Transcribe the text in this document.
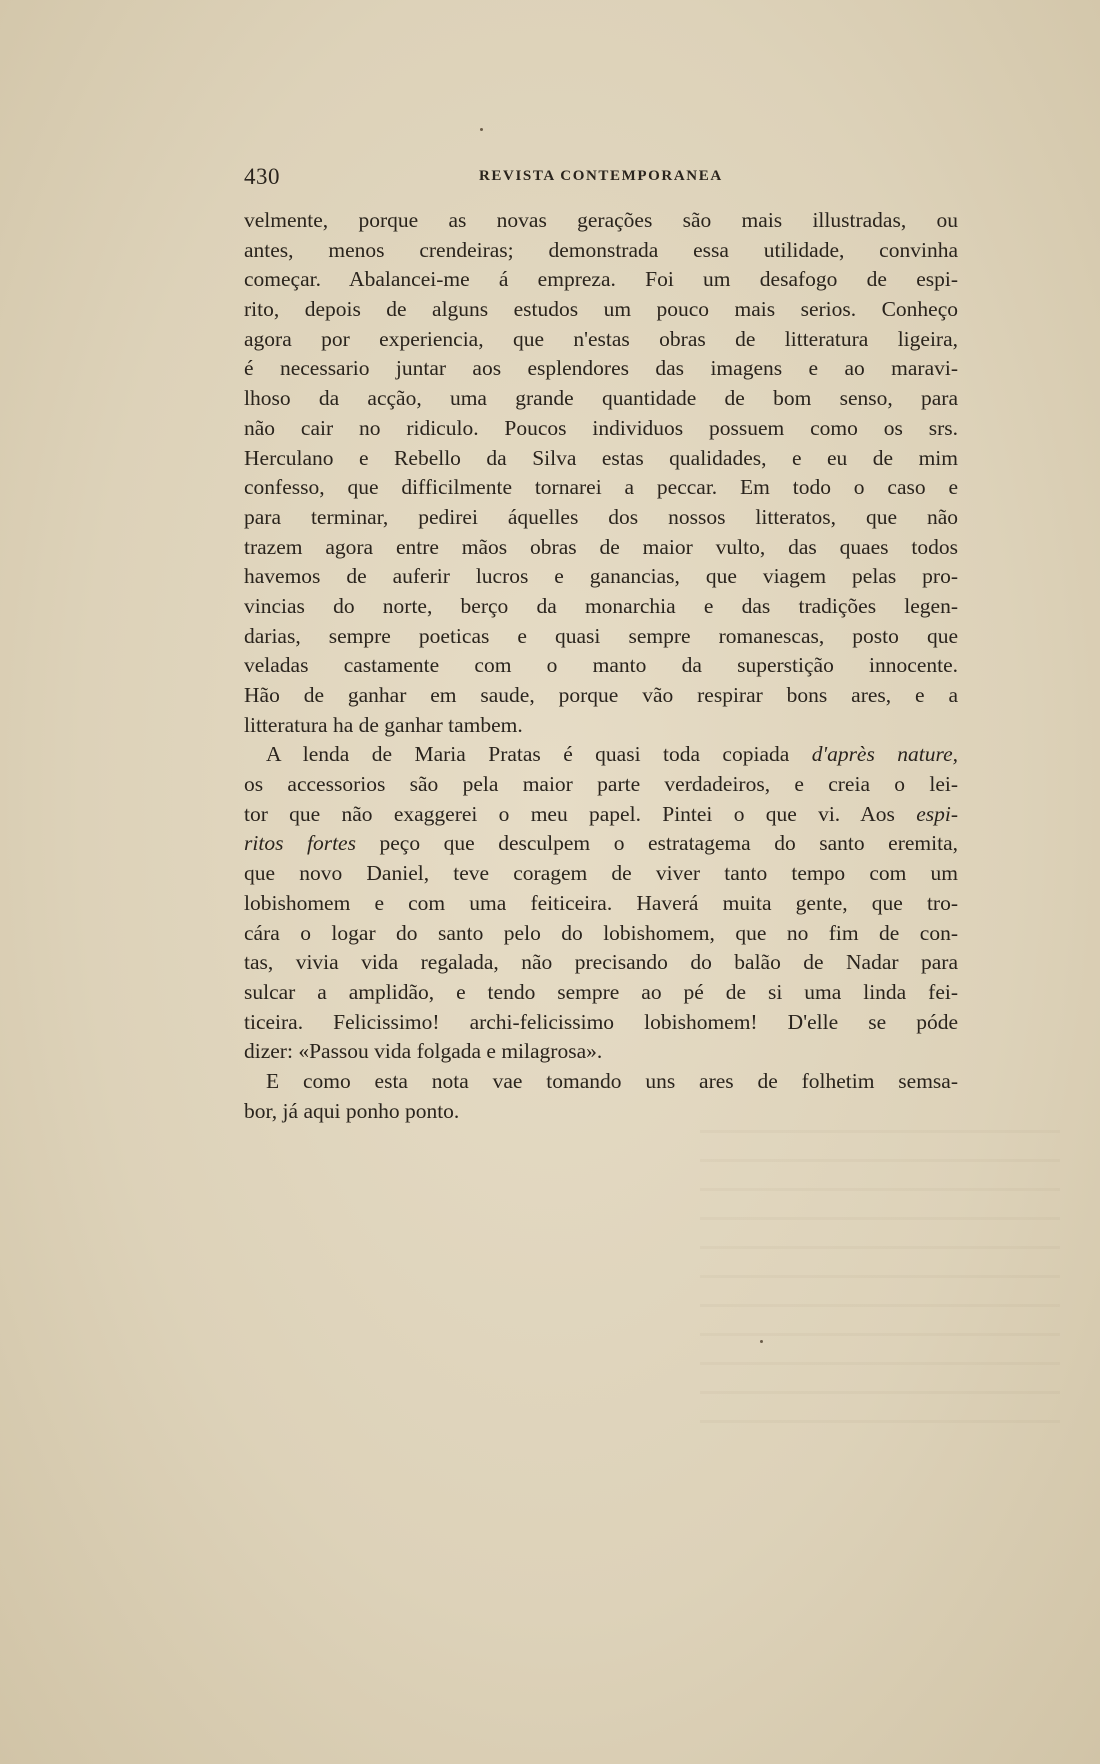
430	REVISTA CONTEMPORANEA
velmente, porque as novas gerações são mais illustradas, ou
antes, menos crendeiras; demonstrada essa utilidade, convinha
começar. Abalancei-me á empreza. Foi um desafogo de espi-
rito, depois de alguns estudos um pouco mais serios. Conheço
agora por experiencia, que n'estas obras de litteratura ligeira,
é necessario juntar aos esplendores das imagens e ao maravi-
lhoso da acção, uma grande quantidade de bom senso, para
não cair no ridiculo. Poucos individuos possuem como os srs.
Herculano e Rebello da Silva estas qualidades, e eu de mim
confesso, que difficilmente tornarei a peccar. Em todo o caso e
para terminar, pedirei áquelles dos nossos litteratos, que não
trazem agora entre mãos obras de maior vulto, das quaes todos
havemos de auferir lucros e ganancias, que viagem pelas pro-
vincias do norte, berço da monarchia e das tradições legen-
darias, sempre poeticas e quasi sempre romanescas, posto que
veladas castamente com o manto da superstição innocente.
Hão de ganhar em saude, porque vão respirar bons ares, e a
litteratura ha de ganhar tambem.
A lenda de Maria Pratas é quasi toda copiada d'après nature,
os accessorios são pela maior parte verdadeiros, e creia o lei-
tor que não exaggerei o meu papel. Pintei o que vi. Aos espi-
ritos fortes peço que desculpem o estratagema do santo eremita,
que novo Daniel, teve coragem de viver tanto tempo com um
lobishomem e com uma feiticeira. Haverá muita gente, que tro-
cára o logar do santo pelo do lobishomem, que no fim de con-
tas, vivia vida regalada, não precisando do balão de Nadar para
sulcar a amplidão, e tendo sempre ao pé de si uma linda fei-
ticeira. Felicissimo! archi-felicissimo lobishomem! D'elle se póde
dizer: «Passou vida folgada e milagrosa».
E como esta nota vae tomando uns ares de folhetim semsa-
bor, já aqui ponho ponto.
